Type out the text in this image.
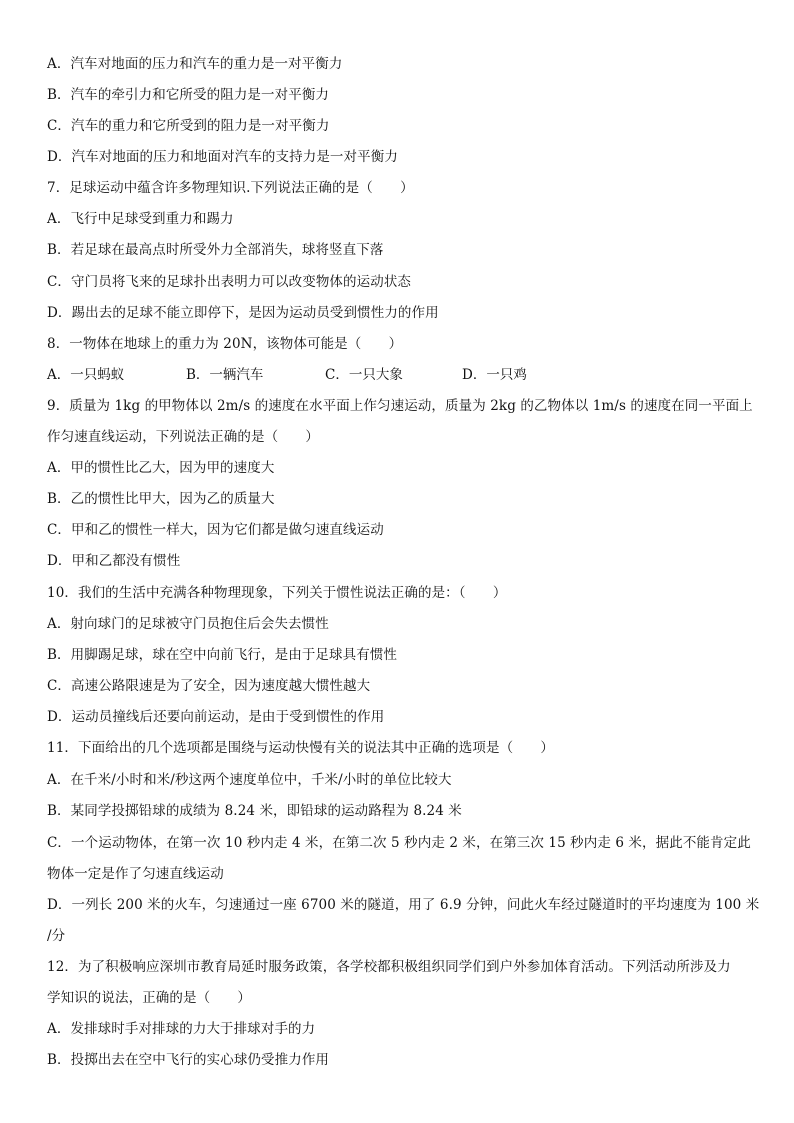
A．汽车对地面的压力和汽车的重力是一对平衡力
B．汽车的牵引力和它所受的阻力是一对平衡力
C．汽车的重力和它所受到的阻力是一对平衡力
D．汽车对地面的压力和地面对汽车的支持力是一对平衡力
7．足球运动中蕴含许多物理知识.下列说法正确的是（　　）
A．飞行中足球受到重力和踢力
B．若足球在最高点时所受外力全部消失，球将竖直下落
C．守门员将飞来的足球扑出表明力可以改变物体的运动状态
D．踢出去的足球不能立即停下，是因为运动员受到惯性力的作用
8．一物体在地球上的重力为 20N，该物体可能是（　　）
A．一只蚂蚁	B．一辆汽车	C．一只大象	D．一只鸡
9．质量为 1kg 的甲物体以 2m/s 的速度在水平面上作匀速运动，质量为 2kg 的乙物体以 1m/s 的速度在同一平面上
作匀速直线运动，下列说法正确的是（　　）
A．甲的惯性比乙大，因为甲的速度大
B．乙的惯性比甲大，因为乙的质量大
C．甲和乙的惯性一样大，因为它们都是做匀速直线运动
D．甲和乙都没有惯性
10．我们的生活中充满各种物理现象，下列关于惯性说法正确的是：（　　）
A．射向球门的足球被守门员抱住后会失去惯性
B．用脚踢足球，球在空中向前飞行，是由于足球具有惯性
C．高速公路限速是为了安全，因为速度越大惯性越大
D．运动员撞线后还要向前运动，是由于受到惯性的作用
11．下面给出的几个选项都是围绕与运动快慢有关的说法其中正确的选项是（　　）
A．在千米/小时和米/秒这两个速度单位中，千米/小时的单位比较大
B．某同学投掷铅球的成绩为 8.24 米，即铅球的运动路程为 8.24 米
C．一个运动物体，在第一次 10 秒内走 4 米，在第二次 5 秒内走 2 米，在第三次 15 秒内走 6 米，据此不能肯定此
物体一定是作了匀速直线运动
D．一列长 200 米的火车，匀速通过一座 6700 米的隧道，用了 6.9 分钟，问此火车经过隧道时的平均速度为 100 米
/分
12．为了积极响应深圳市教育局延时服务政策，各学校都积极组织同学们到户外参加体育活动。下列活动所涉及力
学知识的说法，正确的是（　　）
A．发排球时手对排球的力大于排球对手的力
B．投掷出去在空中飞行的实心球仍受推力作用
